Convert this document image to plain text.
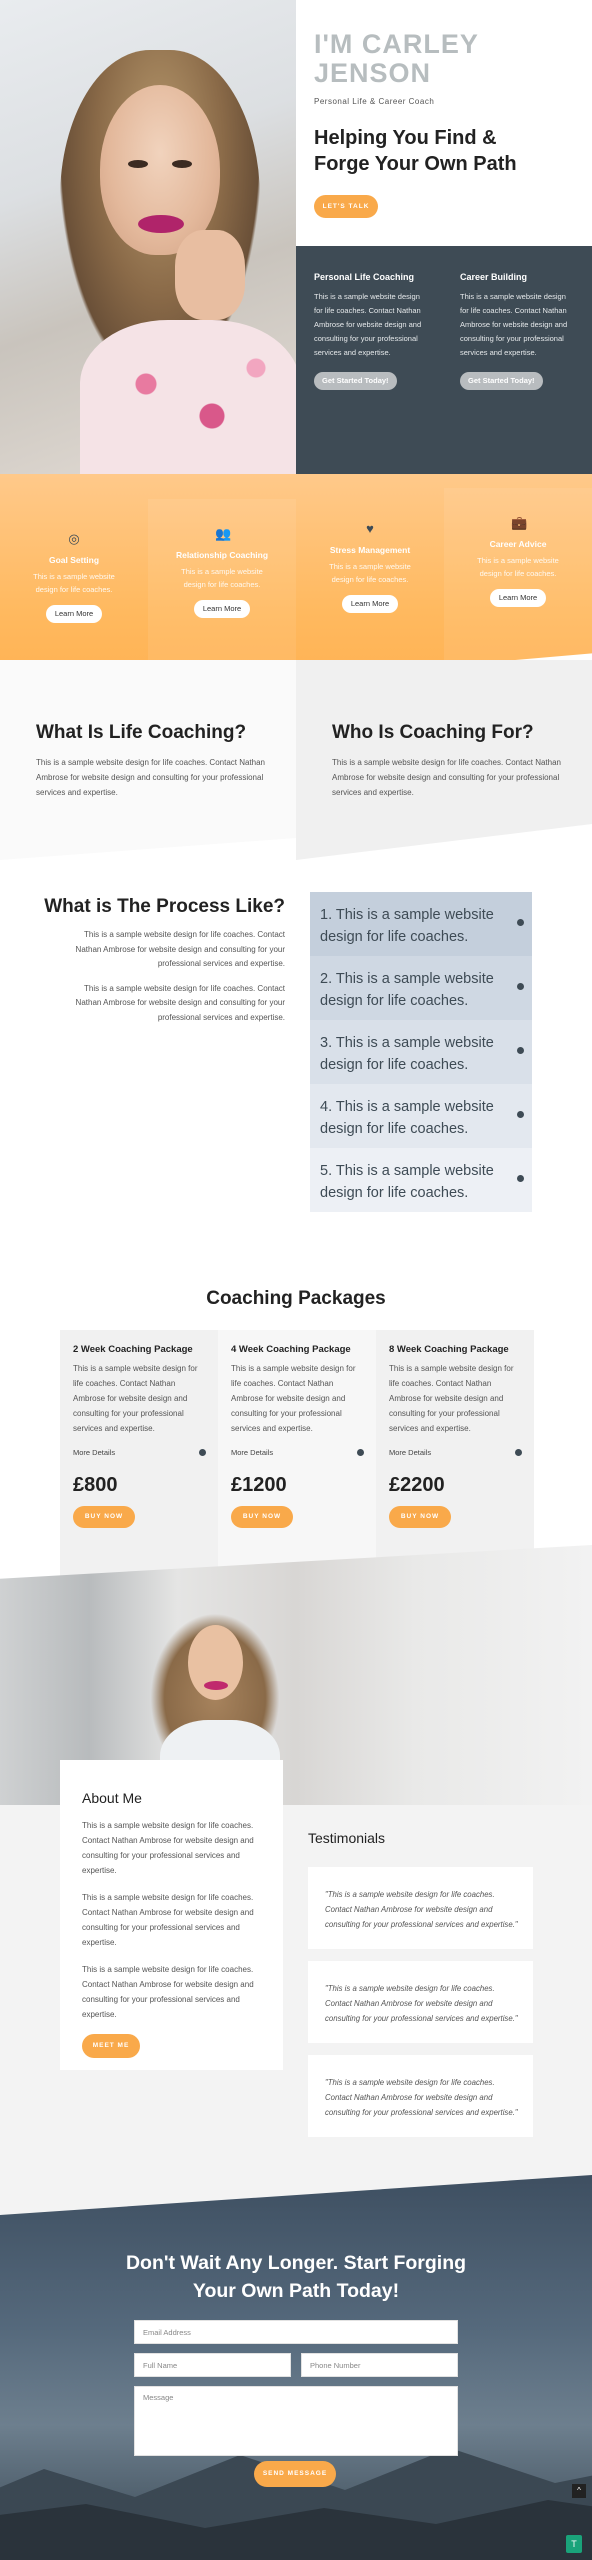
I'M CARLEY JENSON
Personal Life & Career Coach
Helping You Find & Forge Your Own Path
LET'S TALK
Personal Life Coaching

This is a sample website design for life coaches. Contact Nathan Ambrose for website design and consulting for your professional services and expertise.

Get Started Today!
Career Building

This is a sample website design for life coaches. Contact Nathan Ambrose for website design and consulting for your professional services and expertise.

Get Started Today!
◎
Goal Setting

This is a sample website design for life coaches.

Learn More
👥
Relationship Coaching

This is a sample website design for life coaches.

Learn More
♥
Stress Management

This is a sample website design for life coaches.

Learn More
💼
Career Advice

This is a sample website design for life coaches.

Learn More
What Is Life Coaching?

This is a sample website design for life coaches. Contact Nathan Ambrose for website design and consulting for your professional services and expertise.

Who Is Coaching For?

This is a sample website design for life coaches. Contact Nathan Ambrose for website design and consulting for your professional services and expertise.

What is The Process Like?

This is a sample website design for life coaches. Contact Nathan Ambrose for website design and consulting for your professional services and expertise.

This is a sample website design for life coaches. Contact Nathan Ambrose for website design and consulting for your professional services and expertise.

1. This is a sample website design for life coaches.
2. This is a sample website design for life coaches.
3. This is a sample website design for life coaches.
4. This is a sample website design for life coaches.
5. This is a sample website design for life coaches.
Coaching Packages
2 Week Coaching Package

This is a sample website design for life coaches. Contact Nathan Ambrose for website design and consulting for your professional services and expertise.

More Details
£800
BUY NOW
4 Week Coaching Package

This is a sample website design for life coaches. Contact Nathan Ambrose for website design and consulting for your professional services and expertise.

More Details
£1200
BUY NOW
8 Week Coaching Package

This is a sample website design for life coaches. Contact Nathan Ambrose for website design and consulting for your professional services and expertise.

More Details
£2200
BUY NOW
About Me

This is a sample website design for life coaches. Contact Nathan Ambrose for website design and consulting for your professional services and expertise.

This is a sample website design for life coaches. Contact Nathan Ambrose for website design and consulting for your professional services and expertise.

This is a sample website design for life coaches. Contact Nathan Ambrose for website design and consulting for your professional services and expertise.

MEET ME
Testimonials

"This is a sample website design for life coaches. Contact Nathan Ambrose for website design and consulting for your professional services and expertise."

"This is a sample website design for life coaches. Contact Nathan Ambrose for website design and consulting for your professional services and expertise."

"This is a sample website design for life coaches. Contact Nathan Ambrose for website design and consulting for your professional services and expertise."

Don't Wait Any Longer. Start Forging
Your Own Path Today!
Email Address
Full Name	Phone Number
Message
SEND MESSAGE
^
T
